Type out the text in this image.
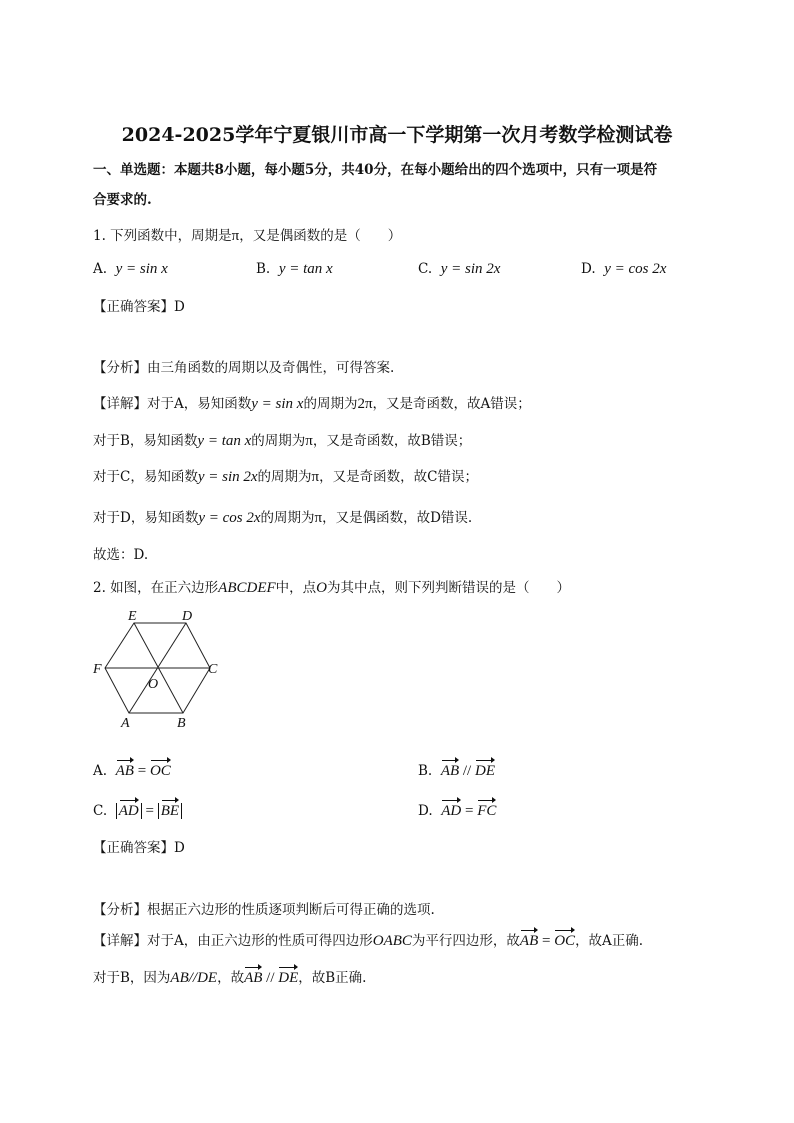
2024-2025学年宁夏银川市高一下学期第一次月考数学检测试卷
一、单选题：本题共8小题，每小题5分，共40分，在每小题给出的四个选项中，只有一项是符
合要求的.
1. 下列函数中，周期是π，又是偶函数的是（　　）
A. y = sin x	B. y = tan x	C. y = sin 2x	D. y = cos 2x
【正确答案】D
【分析】由三角函数的周期以及奇偶性，可得答案.
【详解】对于A，易知函数y = sin x的周期为2π，又是奇函数，故A错误；
对于B，易知函数y = tan x的周期为π，又是奇函数，故B错误；
对于C，易知函数y = sin 2x的周期为π，又是奇函数，故C错误；
对于D，易知函数y = cos 2x的周期为π，又是偶函数，故D错误.
故选：D.
2. 如图，在正六边形ABCDEF中，点O为其中点，则下列判断错误的是（　　）
E	D
F	C
O
A	B
A. AB = OC	B. AB // DE
C. AD = BE	D. AD = FC
【正确答案】D
【分析】根据正六边形的性质逐项判断后可得正确的选项.
【详解】对于A，由正六边形的性质可得四边形OABC为平行四边形，故AB = OC，故A正确.
对于B，因为AB//DE，故AB // DE，故B正确.
